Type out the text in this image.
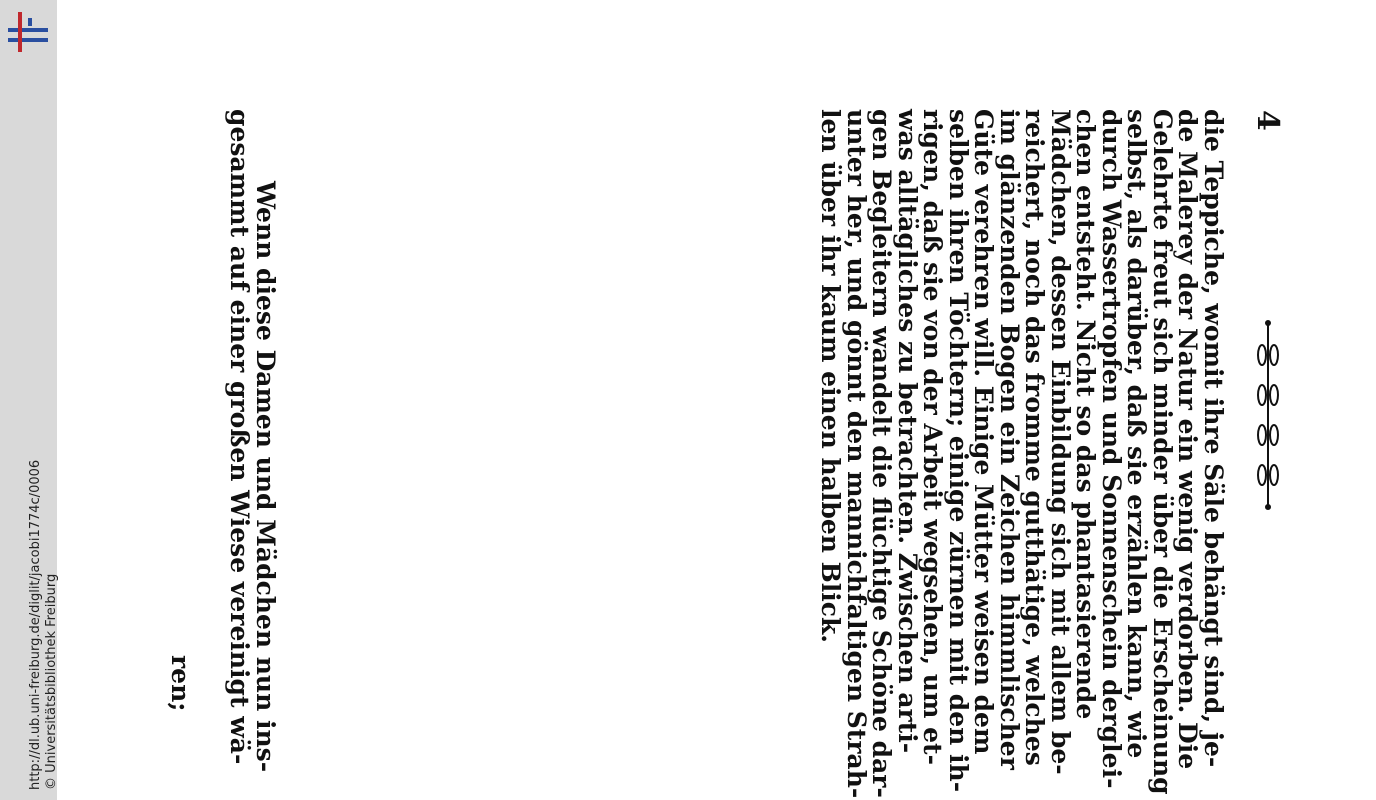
http://dl.ub.uni-freiburg.de/diglit/jacobi1774c/0006 © Universitätsbibliothek Freiburg
4
die Teppiche, womit ihre Säle behängt sind, je-
de Malerey der Natur ein wenig verdorben. Die
Gelehrte freut sich minder über die Erscheinung
selbst, als darüber, daß sie erzählen kann, wie
durch Wassertropfen und Sonnenschein derglei-
chen entsteht. Nicht so das phantasierende
Mädchen, dessen Einbildung sich mit allem be-
reichert, noch das fromme gutthätige, welches
im glänzenden Bogen ein Zeichen himmlischer
Güte verehren will. Einige Mütter weisen dem
selben ihren Töchtern; einige zürnen mit den ih-
rigen, daß sie von der Arbeit wegsehen, um et-
was alltägliches zu betrachten. Zwischen arti-
gen Begleitern wandelt die flüchtige Schöne dar-
unter her, und gönnt den mannichfaltigen Strah-
len über ihr kaum einen halben Blick.
Wenn diese Damen und Mädchen nun ins-
gesammt auf einer großen Wiese vereinigt wä-
ren;
